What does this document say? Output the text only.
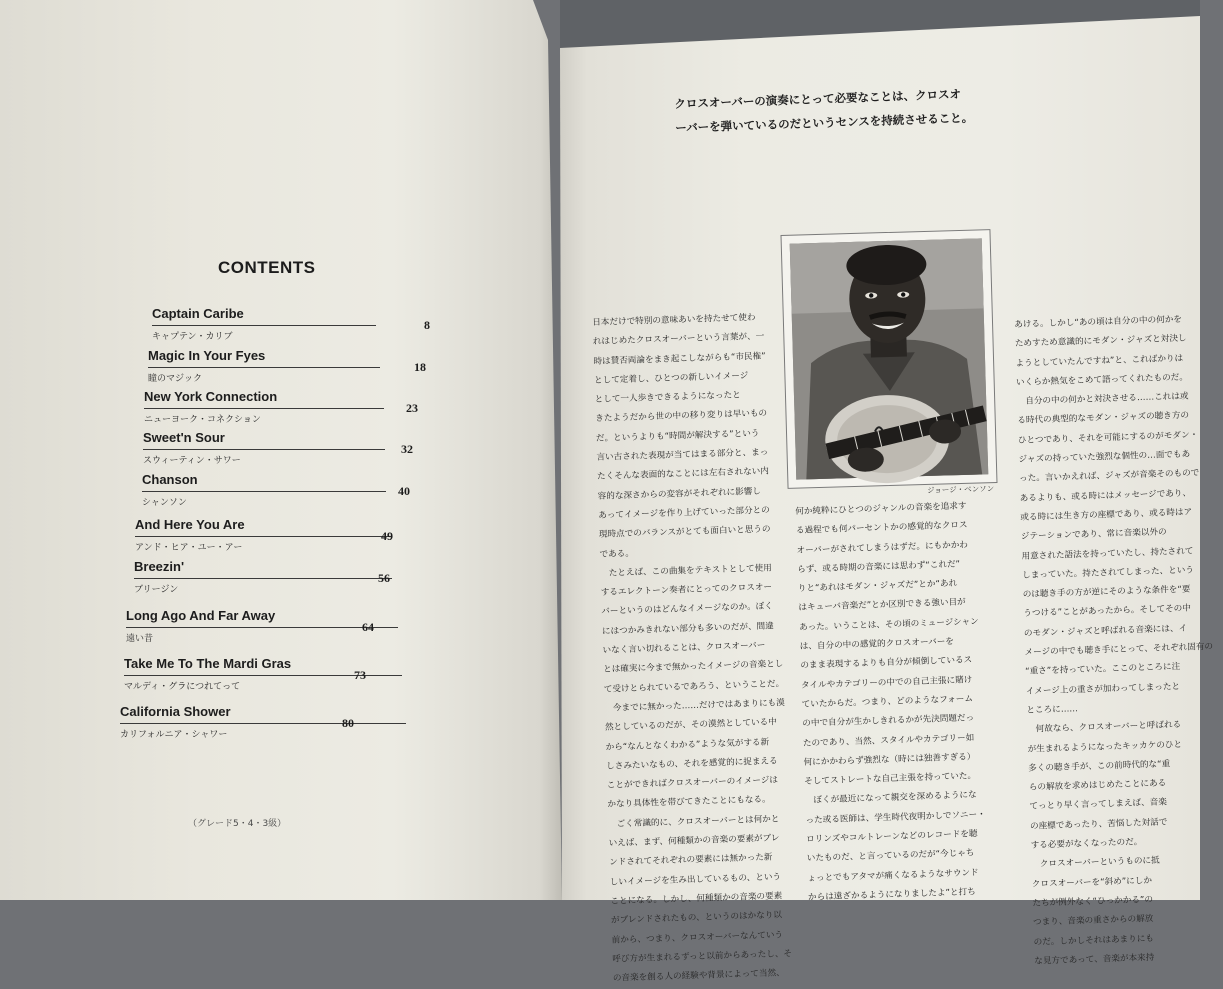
CONTENTS
Captain Caribe
キャプテン・カリブ
8
Magic In Your Fyes
瞳のマジック
18
New York Connection
ニューヨーク・コネクション
23
Sweet'n Sour
スウィーティン・サワー
32
Chanson
シャンソン
40
And Here You Are
アンド・ヒア・ユー・アー
49
Breezin'
ブリージン
56
Long Ago And Far Away
遠い昔
64
Take Me To The Mardi Gras
マルディ・グラにつれてって
73
California Shower
カリフォルニア・シャワー
80
（グレード5・4・3級）
クロスオーバーの演奏にとって必要なことは、クロスオ
ーバーを弾いているのだというセンスを持続させること。
ジョージ・ベンソン
日本だけで特別の意味あいを持たせて使わ
れはじめたクロスオーバーという言葉が、一
時は賛否両論をまき起こしながらも“市民権”
として定着し、ひとつの新しいイメージ
として一人歩きできるようになったと
きたようだから世の中の移り変りは早いもの
だ。というよりも“時間が解決する”という
言い古された表現が当てはまる部分と、まっ
たくそんな表面的なことには左右されない内
容的な深さからの変容がそれぞれに影響し
あってイメージを作り上げていった部分との
現時点でのバランスがとても面白いと思うの
である。
　たとえば、この曲集をテキストとして使用
するエレクトーン奏者にとってのクロスオー
バーというのはどんなイメージなのか。ぼく
にはつかみきれない部分も多いのだが、間違
いなく言い切れることは、クロスオーバー
とは確実に今まで無かったイメージの音楽とし
て受けとられているであろう、ということだ。
　今までに無かった……だけではあまりにも漠
然としているのだが、その漠然としている中
から“なんとなくわかる”ような気がする新
しさみたいなもの、それを感覚的に捉まえる
ことができればクロスオーバーのイメージは
かなり具体性を帯びてきたことにもなる。
　ごく常識的に、クロスオーバーとは何かと
いえば、まず、何種類かの音楽の要素がブレ
ンドされてそれぞれの要素には無かった新
しいイメージを生み出しているもの、という
ことになる。しかし、何種類かの音楽の要素
がブレンドされたもの、というのはかなり以
前から、つまり、クロスオーバーなんていう
呼び方が生まれるずっと以前からあったし、そ
の音楽を創る人の経験や背景によって当然、
何か純粋にひとつのジャンルの音楽を追求す
る過程でも何パーセントかの感覚的なクロス
オーバーがされてしまうはずだ。にもかかわ
らず、或る時期の音楽には思わず“これだ”
りと“あれはモダン・ジャズだ”とか“あれ
はキューバ音楽だ”とか区別できる強い目が
あった。いうことは、その頃のミュージシャン
は、自分の中の感覚的クロスオーバーを
のまま表現するよりも自分が傾倒しているス
タイルやカテゴリーの中での自己主張に賭け
ていたからだ。つまり、どのようなフォーム
の中で自分が生かしきれるかが先決問題だっ
たのであり、当然、スタイルやカテゴリー如
何にかかわらず強烈な（時には独善すぎる）
そしてストレートな自己主張を持っていた。
　ぼくが最近になって親交を深めるようにな
った或る医師は、学生時代夜明かしでソニー・
ロリンズやコルトレーンなどのレコードを聴
いたものだ、と言っているのだが“今じゃち
ょっとでもアタマが痛くなるようなサウンド
からは遠ざかるようになりましたよ”と打ち
あける。しかし“あの頃は自分の中の何かを
ためすため意識的にモダン・ジャズと対決し
ようとしていたんですね”と、こればかりは
いくらか熱気をこめて語ってくれたものだ。
　自分の中の何かと対決させる……これは或
る時代の典型的なモダン・ジャズの聴き方の
ひとつであり、それを可能にするのがモダン・
ジャズの持っていた強烈な個性の…面でもあ
った。言いかえれば、ジャズが音楽そのもので
あるよりも、或る時にはメッセージであり、
或る時には生き方の座標であり、或る時はア
ジテーションであり、常に音楽以外の
用意された語法を持っていたし、持たされて
しまっていた。持たされてしまった、という
のは聴き手の方が逆にそのような条件を“要
うつける”ことがあったから。そしてその中
のモダン・ジャズと呼ばれる音楽には、イ
メージの中でも聴き手にとって、それぞれ固有の
“重さ”を持っていた。ここのところに注
イメージ上の重さが加わってしまったと
ところに……
　何故なら、クロスオーバーと呼ばれる
が生まれるようになったキッカケのひと
多くの聴き手が、この前時代的な“重
らの解放を求めはじめたことにある
てっとり早く言ってしまえば、音楽
の座標であったり、苦悩した対話で
する必要がなくなったのだ。
　クロスオーバーというものに抵
クロスオーバーを“斜め”にしか
たちが例外なく“ひっかかる”の
つまり、音楽の重さからの解放
のだ。しかしそれはあまりにも
な見方であって、音楽が本来持
